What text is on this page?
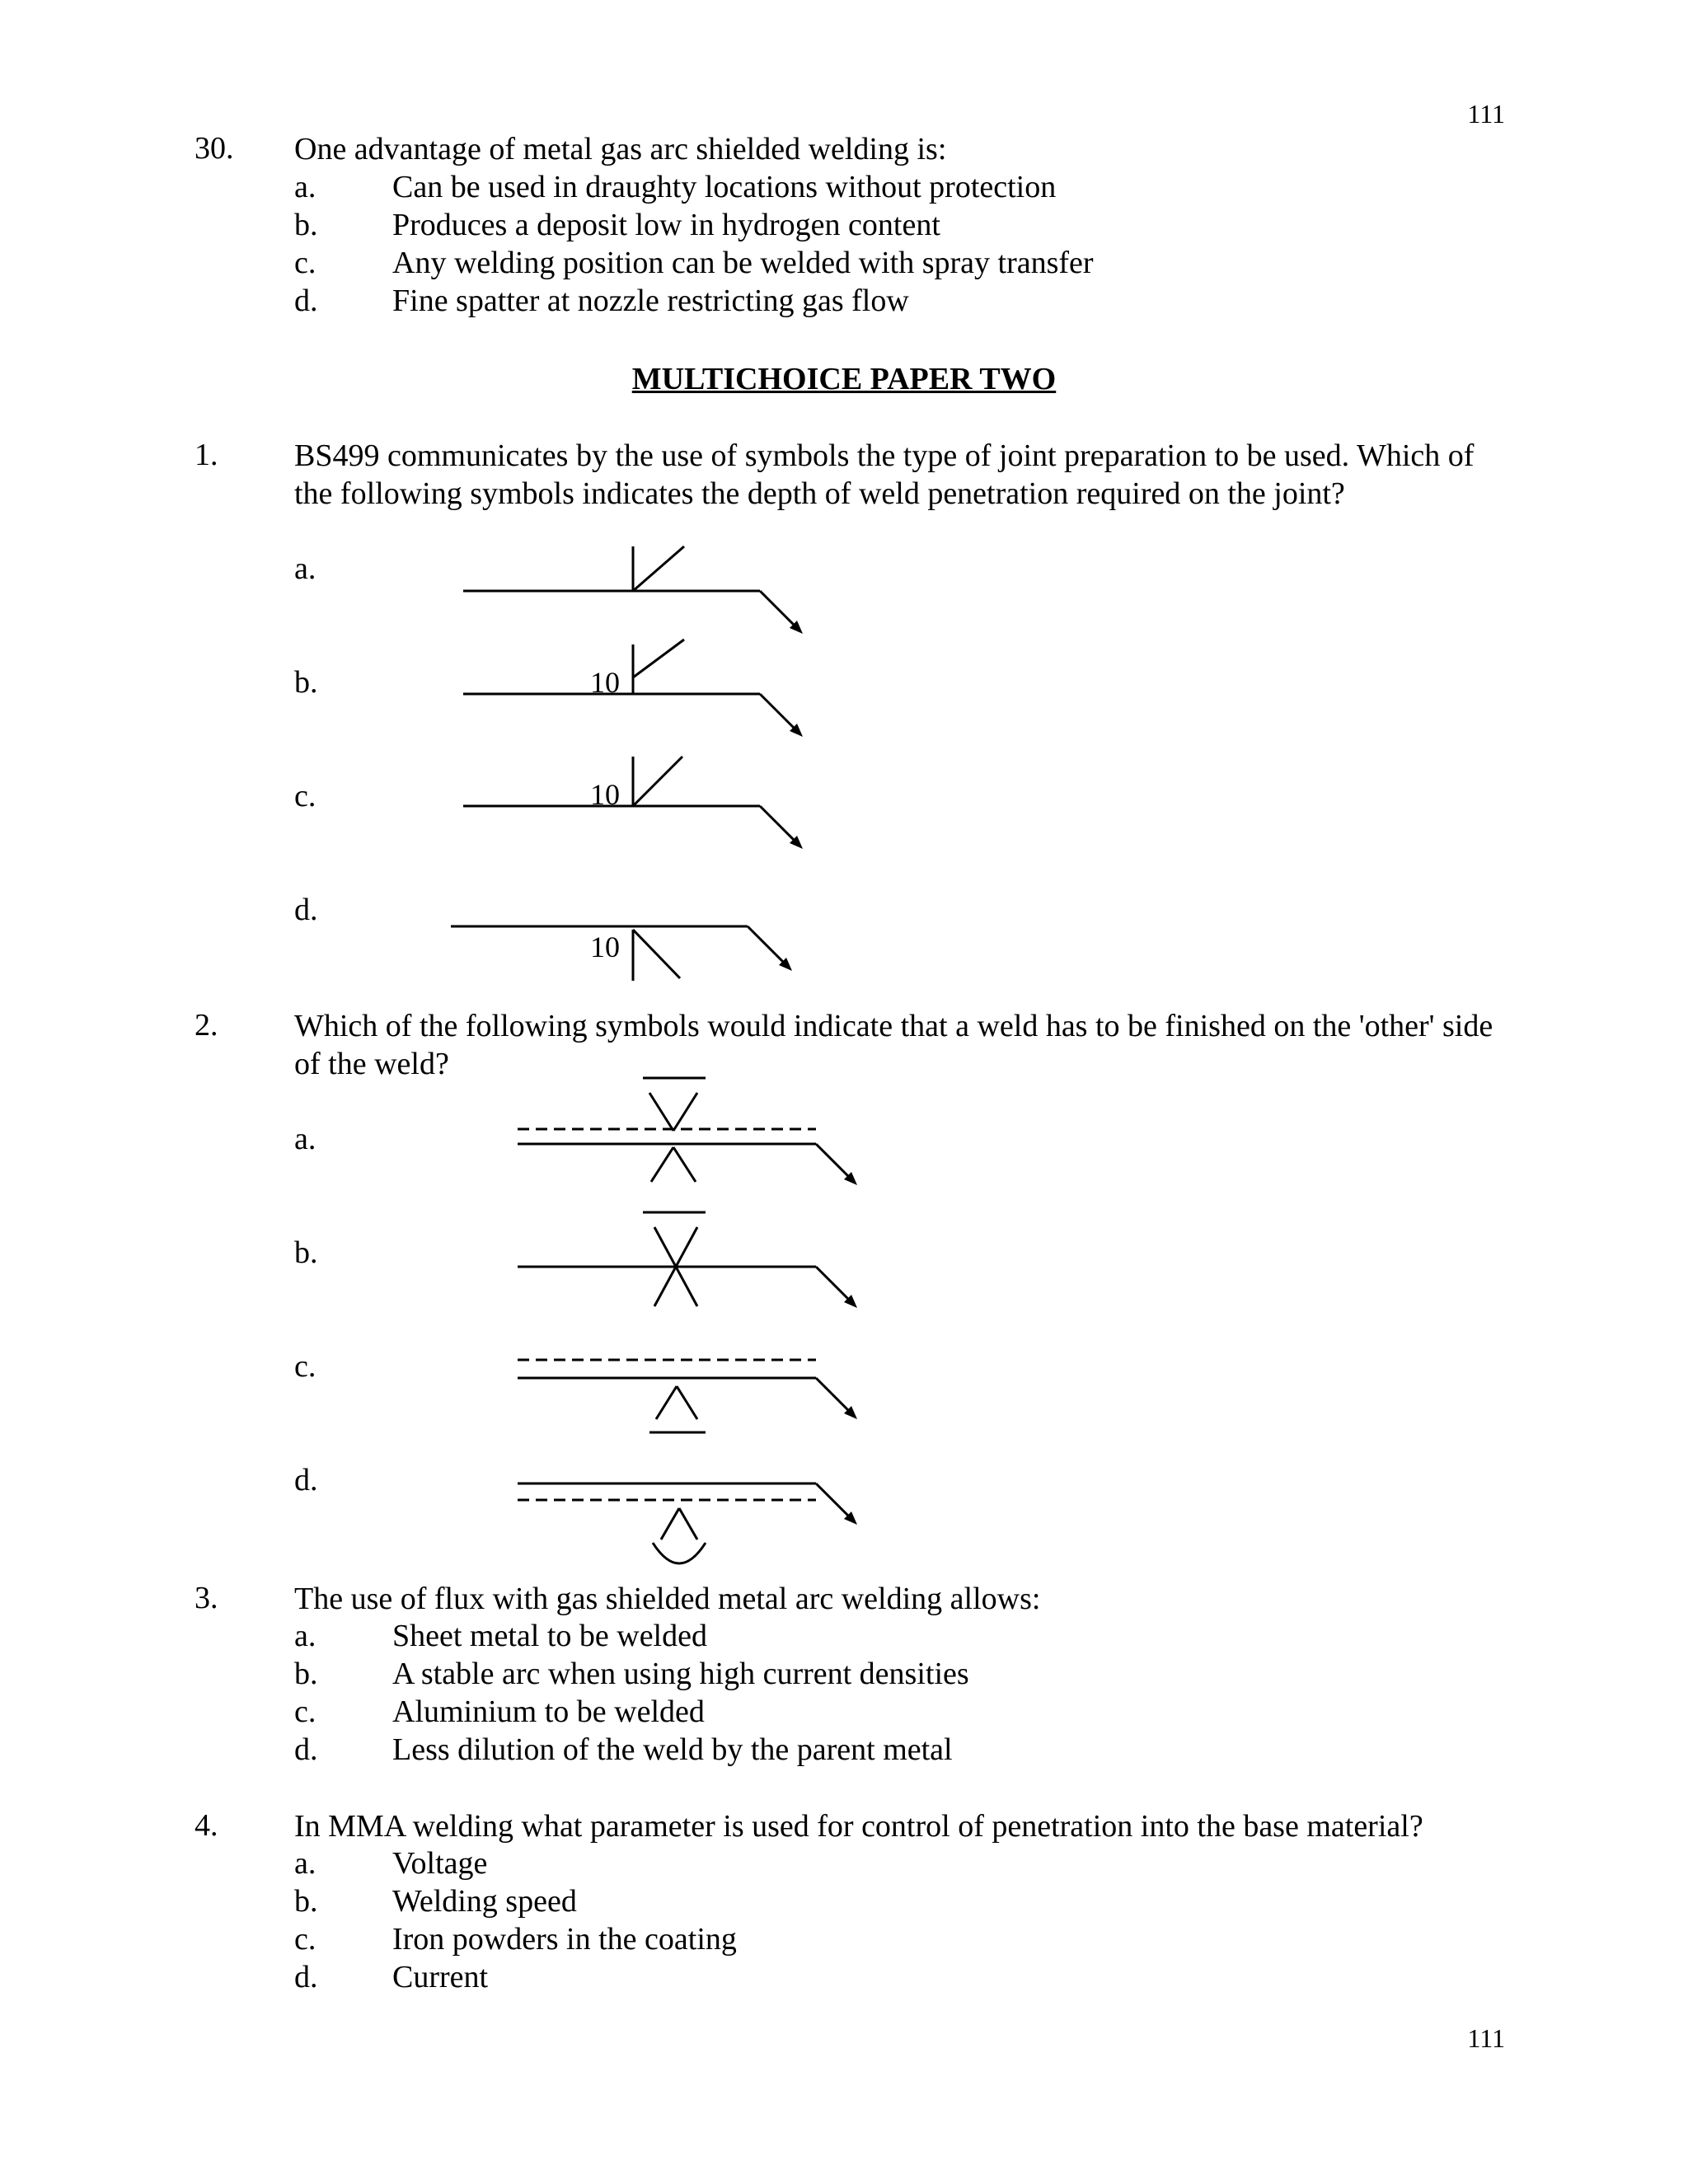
111
111
30. One advantage of metal gas arc shielded welding is:
a. Can be used in draughty locations without protection
b. Produces a deposit low in hydrogen content
c. Any welding position can be welded with spray transfer
d. Fine spatter at nozzle restricting gas flow
MULTICHOICE PAPER TWO
1. BS499 communicates by the use of symbols the type of joint preparation to be used. Which of the following symbols indicates the depth of weld penetration required on the joint?
a.
b.	10
c.	10
d.
10
2. Which of the following symbols would indicate that a weld has to be finished on the 'other' side of the weld?
a.
b.
c.
d.
3. The use of flux with gas shielded metal arc welding allows:
a. Sheet metal to be welded
b. A stable arc when using high current densities
c. Aluminium to be welded
d. Less dilution of the weld by the parent metal
4. In MMA welding what parameter is used for control of penetration into the base material?
a. Voltage
b. Welding speed
c. Iron powders in the coating
d. Current
